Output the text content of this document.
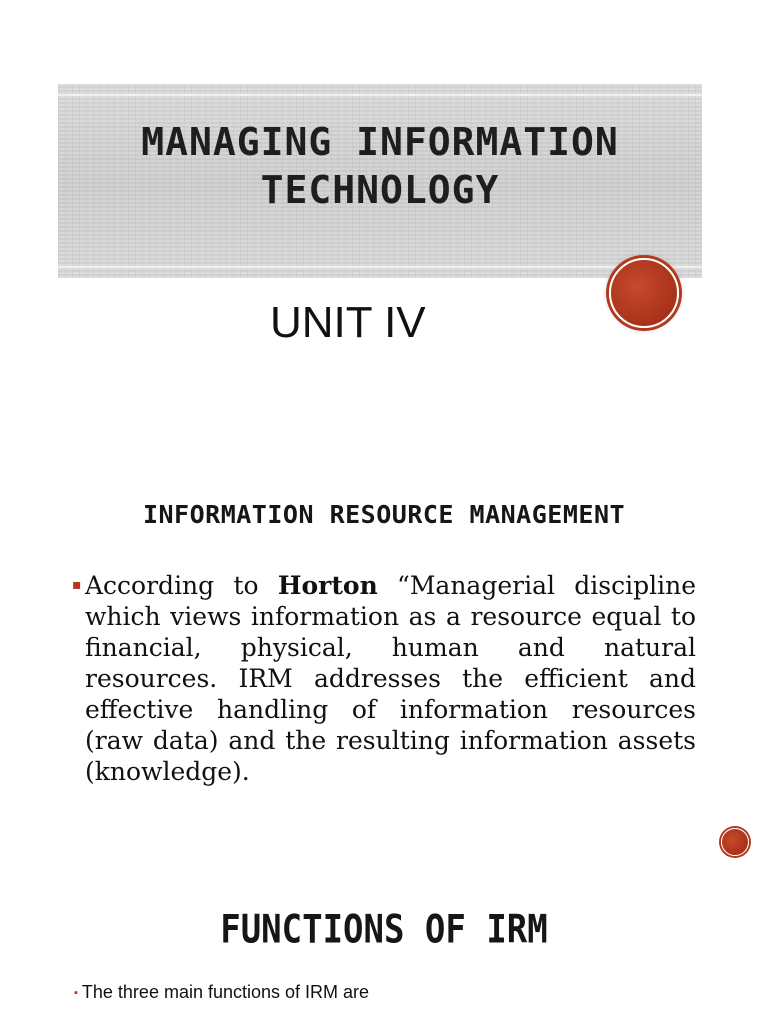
MANAGING INFORMATION TECHNOLOGY
UNIT IV
INFORMATION RESOURCE MANAGEMENT
▪ According to Horton “Managerial discipline which views information as a resource equal to financial, physical, human and natural resources. IRM addresses the efficient and effective handling of information resources (raw data) and the resulting information assets (knowledge).
FUNCTIONS OF IRM
▪ The three main functions of IRM are
